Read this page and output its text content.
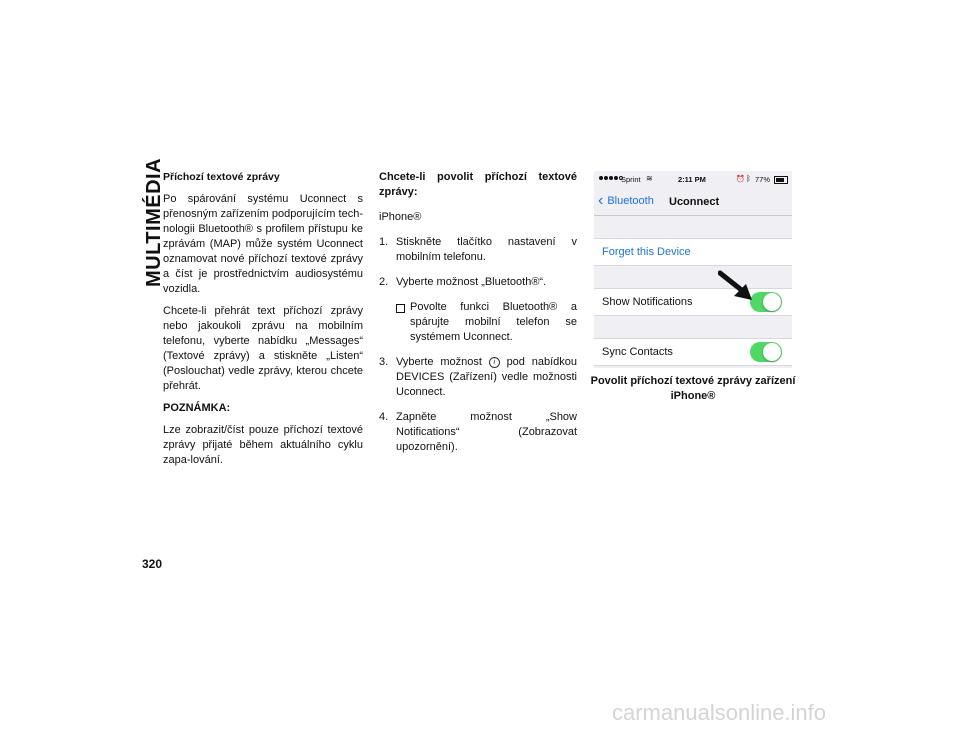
MULTIMÉDIA
320

Příchozí textové zprávy

Po spárování systému Uconnect s přenosným zařízením podporujícím tech-nologii Bluetooth® s profilem přístupu ke zprávám (MAP) může systém Uconnect oznamovat nové příchozí textové zprávy a číst je prostřednictvím audiosystému vozidla.

Chcete-li přehrát text příchozí zprávy nebo jakoukoli zprávu na mobilním telefonu, vyberte nabídku „Messages“ (Textové zprávy) a stiskněte „Listen“ (Poslouchat) vedle zprávy, kterou chcete přehrát.

POZNÁMKA:

Lze zobrazit/číst pouze příchozí textové zprávy přijaté během aktuálního cyklu zapa-lování.

Chcete-li povolit příchozí textové zprávy:

iPhone®

1. Stiskněte tlačítko nastavení v mobilním telefonu.
2. Vyberte možnost „Bluetooth®“.
Povolte funkci Bluetooth® a spárujte mobilní telefon se systémem Uconnect.
3. Vyberte možnost i pod nabídkou DEVICES (Zařízení) vedle možnosti Uconnect.
4. Zapněte možnost „Show Notifications“ (Zobrazovat upozornění).
Sprint ≋	2:11 PM	⏰ ᛒ 77%
‹ Bluetooth Uconnect
Forget this Device
Show Notifications
Sync Contacts
Povolit příchozí textové zprávy zařízení iPhone®
carmanualsonline.info
